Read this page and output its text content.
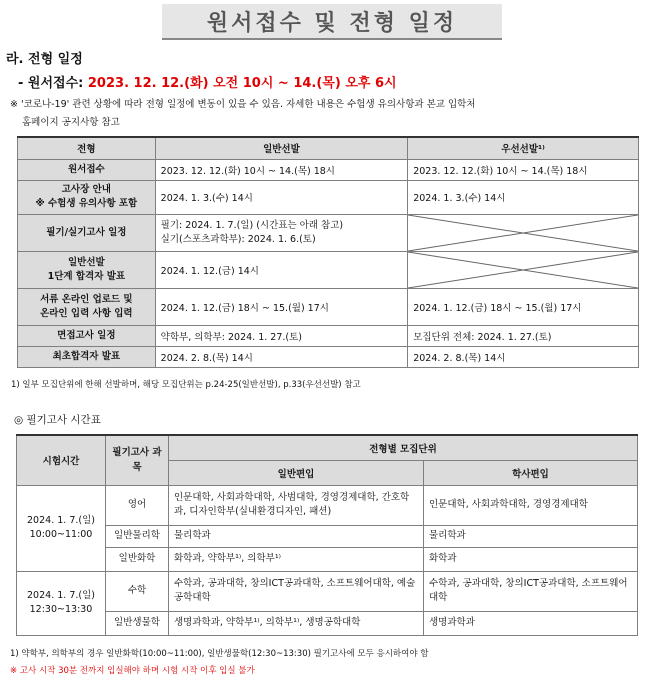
원서접수 및 전형 일정
라. 전형 일정
- 원서접수: 2023. 12. 12.(화) 오전 10시 ~ 14.(목) 오후 6시
※ '코로나-19' 관련 상황에 따라 전형 일정에 변동이 있을 수 있음. 자세한 내용은 수험생 유의사항과 본교 입학처
홈페이지 공지사항 참고
전형	일반선발	우선선발¹⁾
원서접수	2023. 12. 12.(화) 10시 ~ 14.(목) 18시	2023. 12. 12.(화) 10시 ~ 14.(목) 18시

고사장 안내
※ 수험생 유의사항 포함	2024. 1. 3.(수) 14시	2024. 1. 3.(수) 14시
필기/실기고사 일정	필기: 2024. 1. 7.(일) (시간표는 아래 참고)
실기(스포츠과학부): 2024. 1. 6.(토)

일반선발
1단계 합격자 발표	2024. 1. 12.(금) 14시	

서류 온라인 업로드 및
온라인 입력 사항 입력	2024. 1. 12.(금) 18시 ~ 15.(월) 17시	2024. 1. 12.(금) 18시 ~ 15.(월) 17시
면접고사 일정	약학부, 의학부: 2024. 1. 27.(토)	모집단위 전체: 2024. 1. 27.(토)
최초합격자 발표	2024. 2. 8.(목) 14시	2024. 2. 8.(목) 14시
1) 일부 모집단위에 한해 선발하며, 해당 모집단위는 p.24-25(일반선발), p.33(우선선발) 참고
◎ 필기고사 시간표
시험시간	필기고사 과목	전형별 모집단위	
		일반편입	학사편입

2024. 1. 7.(일)
10:00~11:00	영어	인문대학, 사회과학대학, 사범대학, 경영경제대학, 간호학과, 디자인학부(실내환경디자인, 패션)	인문대학, 사회과학대학, 경영경제대학
	일반물리학	물리학과	물리학과
	일반화학	화학과, 약학부¹⁾, 의학부¹⁾	화학과

2024. 1. 7.(일)
12:30~13:30	수학	수학과, 공과대학, 창의ICT공과대학, 소프트웨어대학, 예술공학대학	수학과, 공과대학, 창의ICT공과대학, 소프트웨어대학
	일반생물학	생명과학과, 약학부¹⁾, 의학부¹⁾, 생명공학대학	생명과학과
1) 약학부, 의학부의 경우 일반화학(10:00~11:00), 일반생물학(12:30~13:30) 필기고사에 모두 응시하여야 함
※ 고사 시작 30분 전까지 입실해야 하며 시험 시작 이후 입실 불가
